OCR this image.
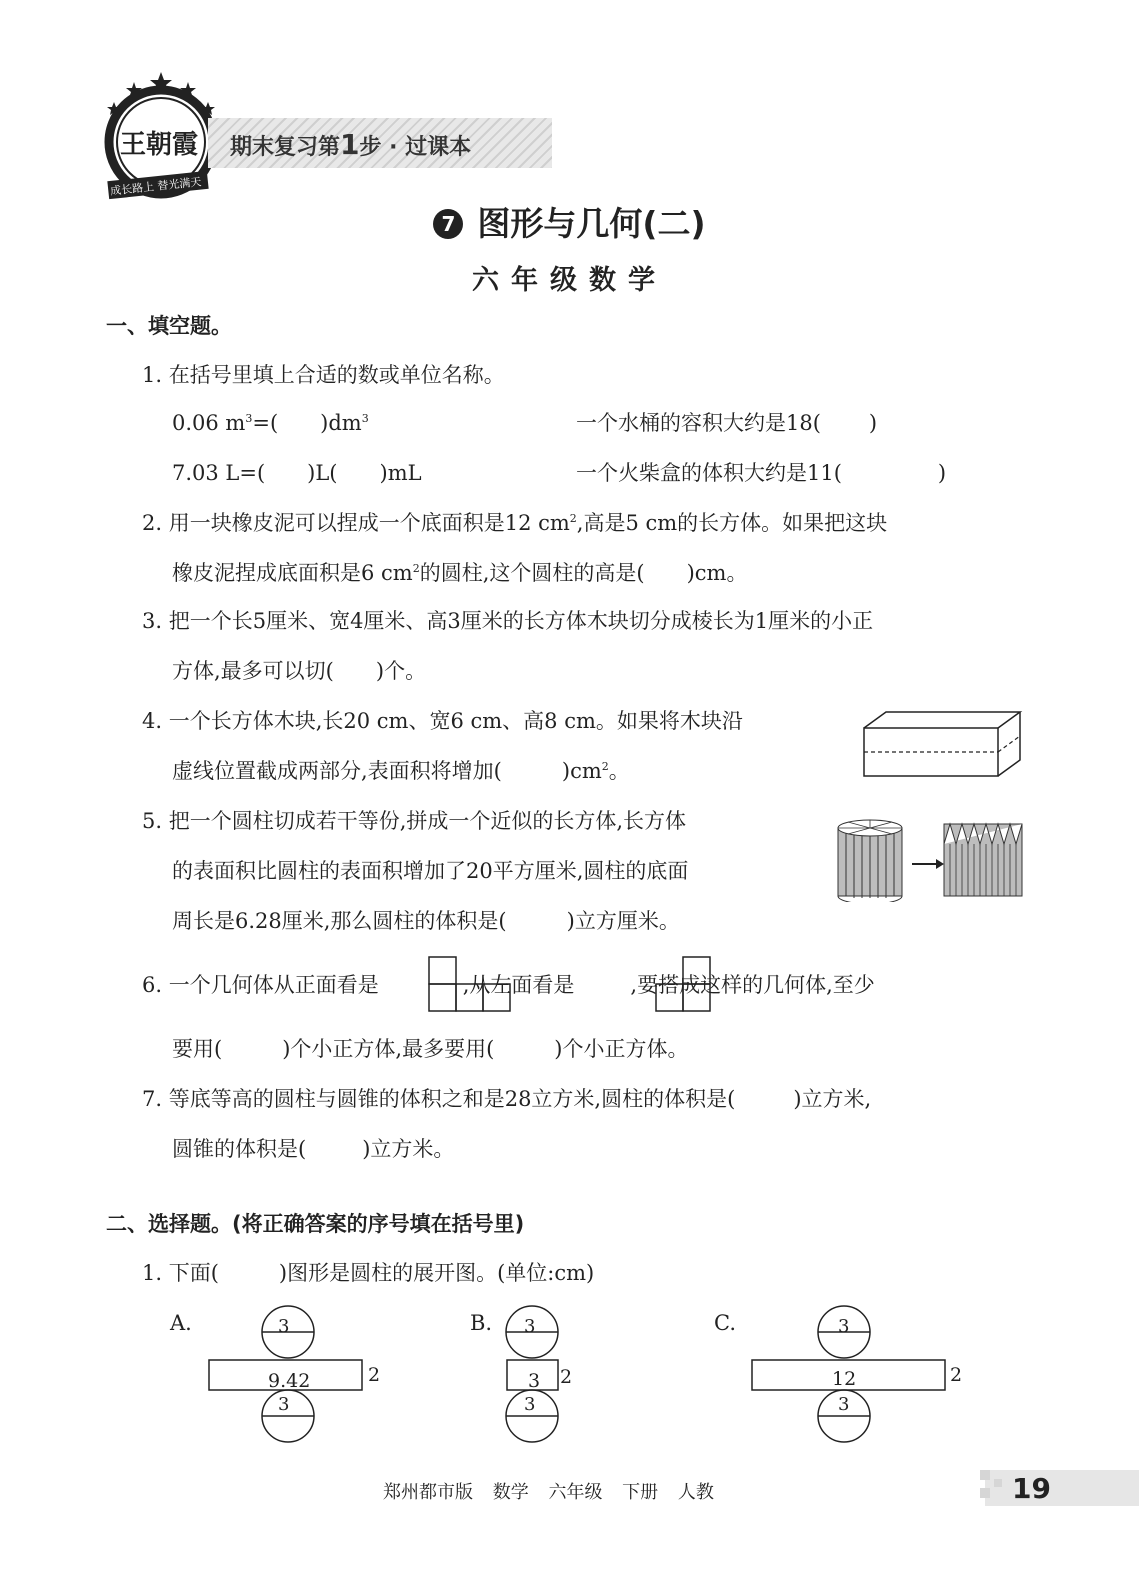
王朝霞
成长路上 替光满天
期末复习第1步 · 过课本
7 图形与几何(二)
六年级数学
一、填空题。
1. 在括号里填上合适的数或单位名称。
0.06 $m^3=$( )$dm^3$	一个水桶的容积大约是18( )
7.03 L=( )L( )mL	一个火柴盒的体积大约是11(	)
2. 用一块橡皮泥可以捏成一个底面积是12 $cm^2$,高是5 cm的长方体。如果把这块
橡皮泥捏成底面积是6 $cm^2$的圆柱,这个圆柱的高是( )cm。
3. 把一个长5厘米、宽4厘米、高3厘米的长方体木块切分成棱长为1厘米的小正
方体,最多可以切( )个。
4. 一个长方体木块,长20 cm、宽6 cm、高8 cm。如果将木块沿
虚线位置截成两部分,表面积将增加(	)$cm^2$。
5. 把一个圆柱切成若干等份,拼成一个近似的长方体,长方体
的表面积比圆柱的表面积增加了20平方厘米,圆柱的底面
周长是6.28厘米,那么圆柱的体积是(	)立方厘米。
6. 一个几何体从正面看是	,从左面看是	,要搭成这样的几何体,至少
要用(	)个小正方体,最多要用(	)个小正方体。
7. 等底等高的圆柱与圆锥的体积之和是28立方米,圆柱的体积是(	)立方米,
圆锥的体积是(	)立方米。
二、选择题。(将正确答案的序号填在括号里)
1. 下面(	)图形是圆柱的展开图。(单位:cm)
A.	3
9.42	2
3
B. 3
3 2
3
C.	3
12	2
3
郑州都市版 数学 六年级 下册 人教	19
